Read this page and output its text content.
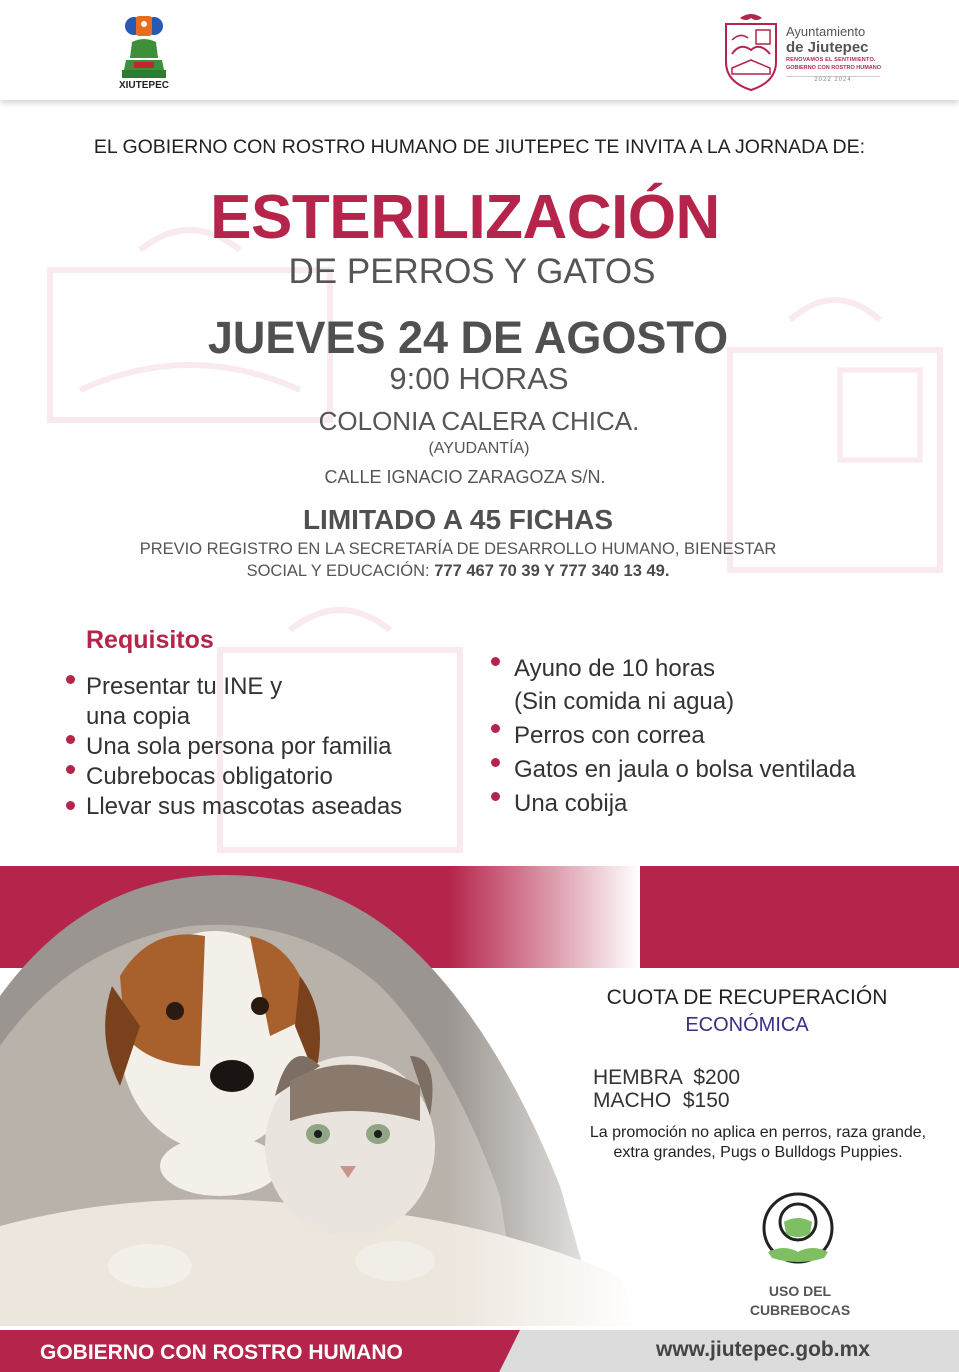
XIUTEPEC
Ayuntamiento
de Jiutepec
RENOVAMOS EL SENTIMIENTO.
GOBIERNO CON ROSTRO HUMANO
2022 2024
EL GOBIERNO CON ROSTRO HUMANO DE JIUTEPEC TE INVITA A LA JORNADA DE:
ESTERILIZACIÓN
DE PERROS Y GATOS
JUEVES 24 DE AGOSTO
9:00 HORAS
COLONIA CALERA CHICA.
(AYUDANTÍA)
CALLE IGNACIO ZARAGOZA S/N.
LIMITADO A 45 FICHAS
PREVIO REGISTRO EN LA SECRETARÍA DE DESARROLLO HUMANO, BIENESTAR
SOCIAL Y EDUCACIÓN: 777 467 70 39 Y 777 340 13 49.
Requisitos
Presentar tu INE y
una copia
Una sola persona por familia
Cubrebocas obligatorio
Llevar sus mascotas aseadas
Ayuno de 10 horas
(Sin comida ni agua)
Perros con correa
Gatos en jaula o bolsa ventilada
Una cobija
CUOTA DE RECUPERACIÓN
ECONÓMICA
HEMBRA  $200
MACHO  $150
La promoción no aplica en perros, raza grande, extra grandes, Pugs o Bulldogs Puppies.
USO DEL
CUBREBOCAS
GOBIERNO CON ROSTRO HUMANO	www.jiutepec.gob.mx
